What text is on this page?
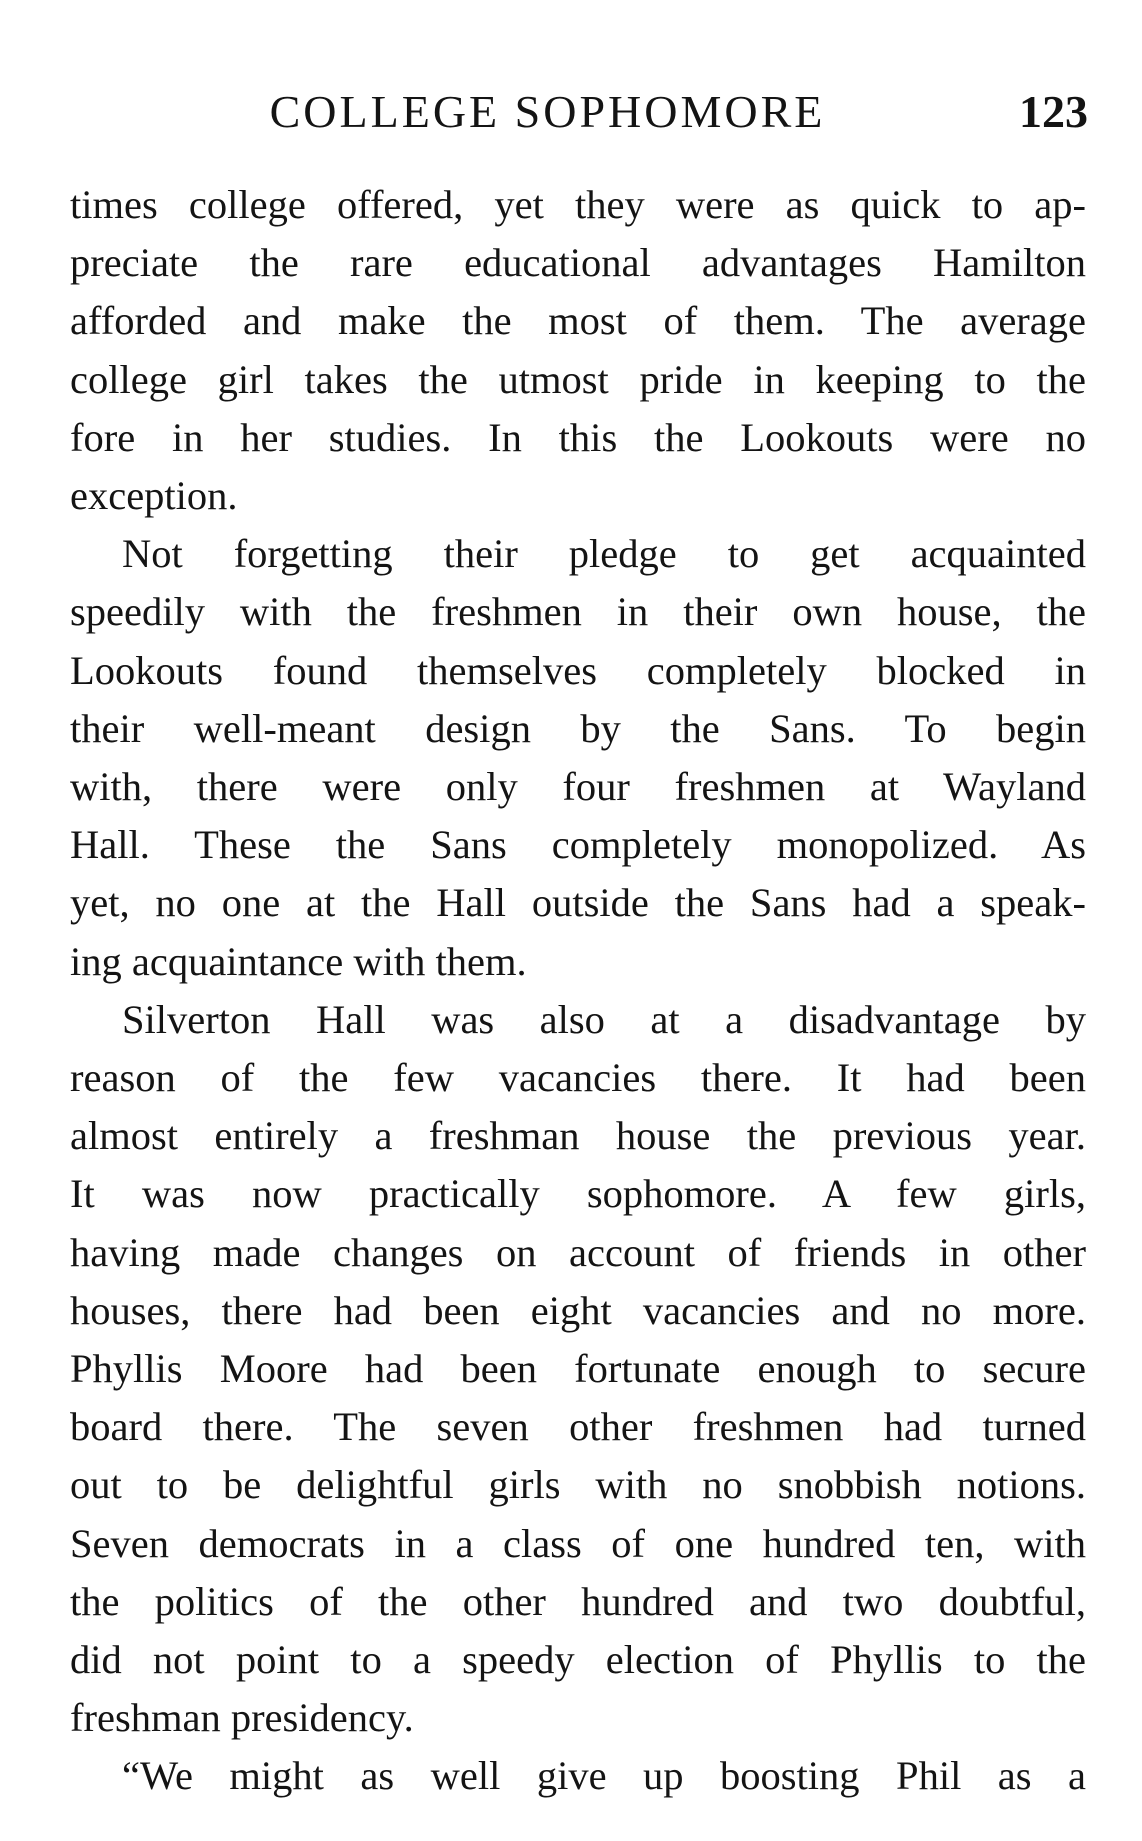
COLLEGE SOPHOMORE	123
times college offered, yet they were as quick to ap-
preciate the rare educational advantages Hamilton
afforded and make the most of them. The average
college girl takes the utmost pride in keeping to the
fore in her studies. In this the Lookouts were no
exception.
Not forgetting their pledge to get acquainted
speedily with the freshmen in their own house, the
Lookouts found themselves completely blocked in
their well-meant design by the Sans. To begin
with, there were only four freshmen at Wayland
Hall. These the Sans completely monopolized. As
yet, no one at the Hall outside the Sans had a speak-
ing acquaintance with them.
Silverton Hall was also at a disadvantage by
reason of the few vacancies there. It had been
almost entirely a freshman house the previous year.
It was now practically sophomore. A few girls,
having made changes on account of friends in other
houses, there had been eight vacancies and no more.
Phyllis Moore had been fortunate enough to secure
board there. The seven other freshmen had turned
out to be delightful girls with no snobbish notions.
Seven democrats in a class of one hundred ten, with
the politics of the other hundred and two doubtful,
did not point to a speedy election of Phyllis to the
freshman presidency.
“We might as well give up boosting Phil as a
